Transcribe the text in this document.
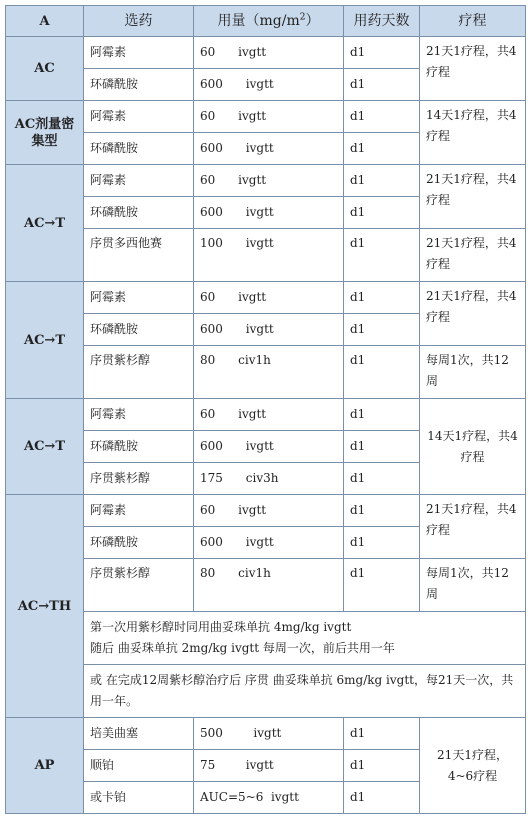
A	选药	用量$(mg/m^2)$	用药天数	疗程
AC	阿霉素	60      ivgtt	d1	21天1疗程，共4疗程
	环磷酰胺	600      ivgtt	d1	
AC剂量密集型	阿霉素	60      ivgtt	d1	14天1疗程，共4疗程
	环磷酰胺	600      ivgtt	d1	
AC→T	阿霉素	60      ivgtt	d1	21天1疗程，共4疗程
	环磷酰胺	600      ivgtt	d1	
	序贯多西他赛	100      ivgtt	d1	21天1疗程，共4疗程
AC→T	阿霉素	60      ivgtt	d1	21天1疗程，共4疗程
	环磷酰胺	600      ivgtt	d1	
	序贯紫杉醇	80      civ1h	d1	每周1次，共12周
AC→T	阿霉素	60      ivgtt	d1	14天1疗程，共4疗程
	环磷酰胺	600      ivgtt	d1	
	序贯紫杉醇	175      civ3h	d1	
AC→TH	阿霉素	60      ivgtt	d1	21天1疗程，共4疗程
	环磷酰胺	600      ivgtt	d1	
	序贯紫杉醇	80      civ1h	d1	每周1次，共12周

	第一次用紫杉醇时同用曲妥珠单抗 4mg/kg ivgtt
随后 曲妥珠单抗 2mg/kg ivgtt 每周一次，前后共用一年			

	或 在完成12周紫杉醇治疗后 序贯 曲妥珠单抗 6mg/kg ivgtt，每21天一次，共用一年。			
AP	培美曲塞	500        ivgtt	d1	21天1疗程，4~6疗程
	顺铂	75        ivgtt	d1	
	或卡铂	AUC=5~6  ivgtt	d1	
